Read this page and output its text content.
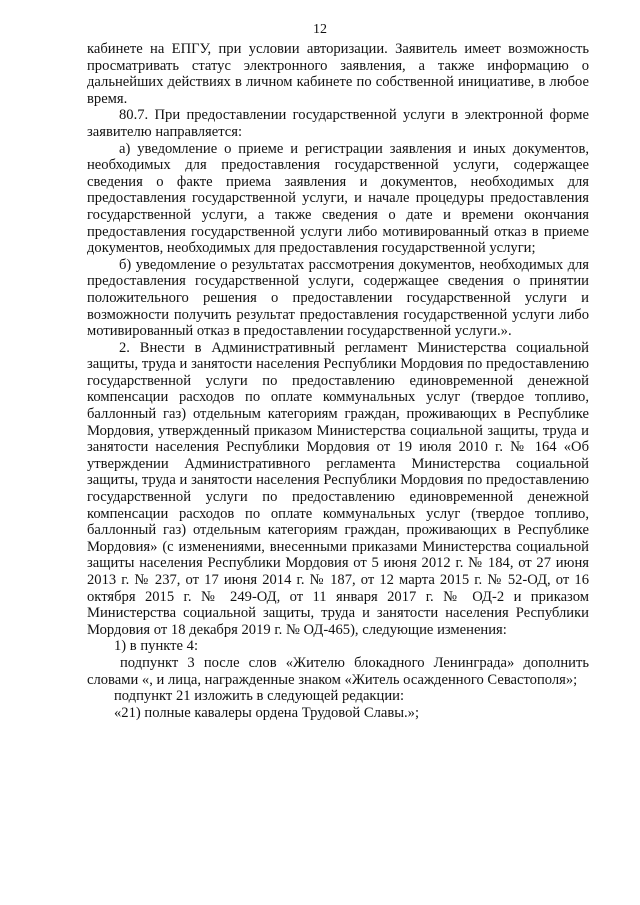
12

кабинете на ЕПГУ, при условии авторизации. Заявитель имеет возможность просматривать статус электронного заявления, а также информацию о дальнейших действиях в личном кабинете по собственной инициативе, в любое время.

80.7. При предоставлении государственной услуги в электронной форме заявителю направляется:

а) уведомление о приеме и регистрации заявления и иных документов, необходимых для предоставления государственной услуги, содержащее сведения о факте приема заявления и документов, необходимых для предоставления государственной услуги, и начале процедуры предоставления государственной услуги, а также сведения о дате и времени окончания предоставления государственной услуги либо мотивированный отказ в приеме документов, необходимых для предоставления государственной услуги;

б) уведомление о результатах рассмотрения документов, необходимых для предоставления государственной услуги, содержащее сведения о принятии положительного решения о предоставлении государственной услуги и возможности получить результат предоставления государственной услуги либо мотивированный отказ в предоставлении государственной услуги.».

2. Внести в Административный регламент Министерства социальной защиты, труда и занятости населения Республики Мордовия по предоставлению государственной услуги по предоставлению единовременной денежной компенсации расходов по оплате коммунальных услуг (твердое топливо, баллонный газ) отдельным категориям граждан, проживающих в Республике Мордовия, утвержденный приказом Министерства социальной защиты, труда и занятости населения Республики Мордовия от 19 июля 2010 г. № 164 «Об утверждении Административного регламента Министерства социальной защиты, труда и занятости населения Республики Мордовия по предоставлению государственной услуги по предоставлению единовременной денежной компенсации расходов по оплате коммунальных услуг (твердое топливо, баллонный газ) отдельным категориям граждан, проживающих в Республике Мордовия» (с изменениями, внесенными приказами Министерства социальной защиты населения Республики Мордовия от 5 июня 2012 г. № 184, от 27 июня 2013 г. № 237, от 17 июня 2014 г. № 187, от 12 марта 2015 г. № 52-ОД, от 16 октября 2015 г. № 249-ОД, от 11 января 2017 г. № ОД-2 и приказом Министерства социальной защиты, труда и занятости населения Республики Мордовия от 18 декабря 2019 г. № ОД-465), следующие изменения:

1) в пункте 4:

подпункт 3 после слов «Жителю блокадного Ленинграда» дополнить словами «, и лица, награжденные знаком «Житель осажденного Севастополя»;

подпункт 21 изложить в следующей редакции:

«21) полные кавалеры ордена Трудовой Славы.»;
